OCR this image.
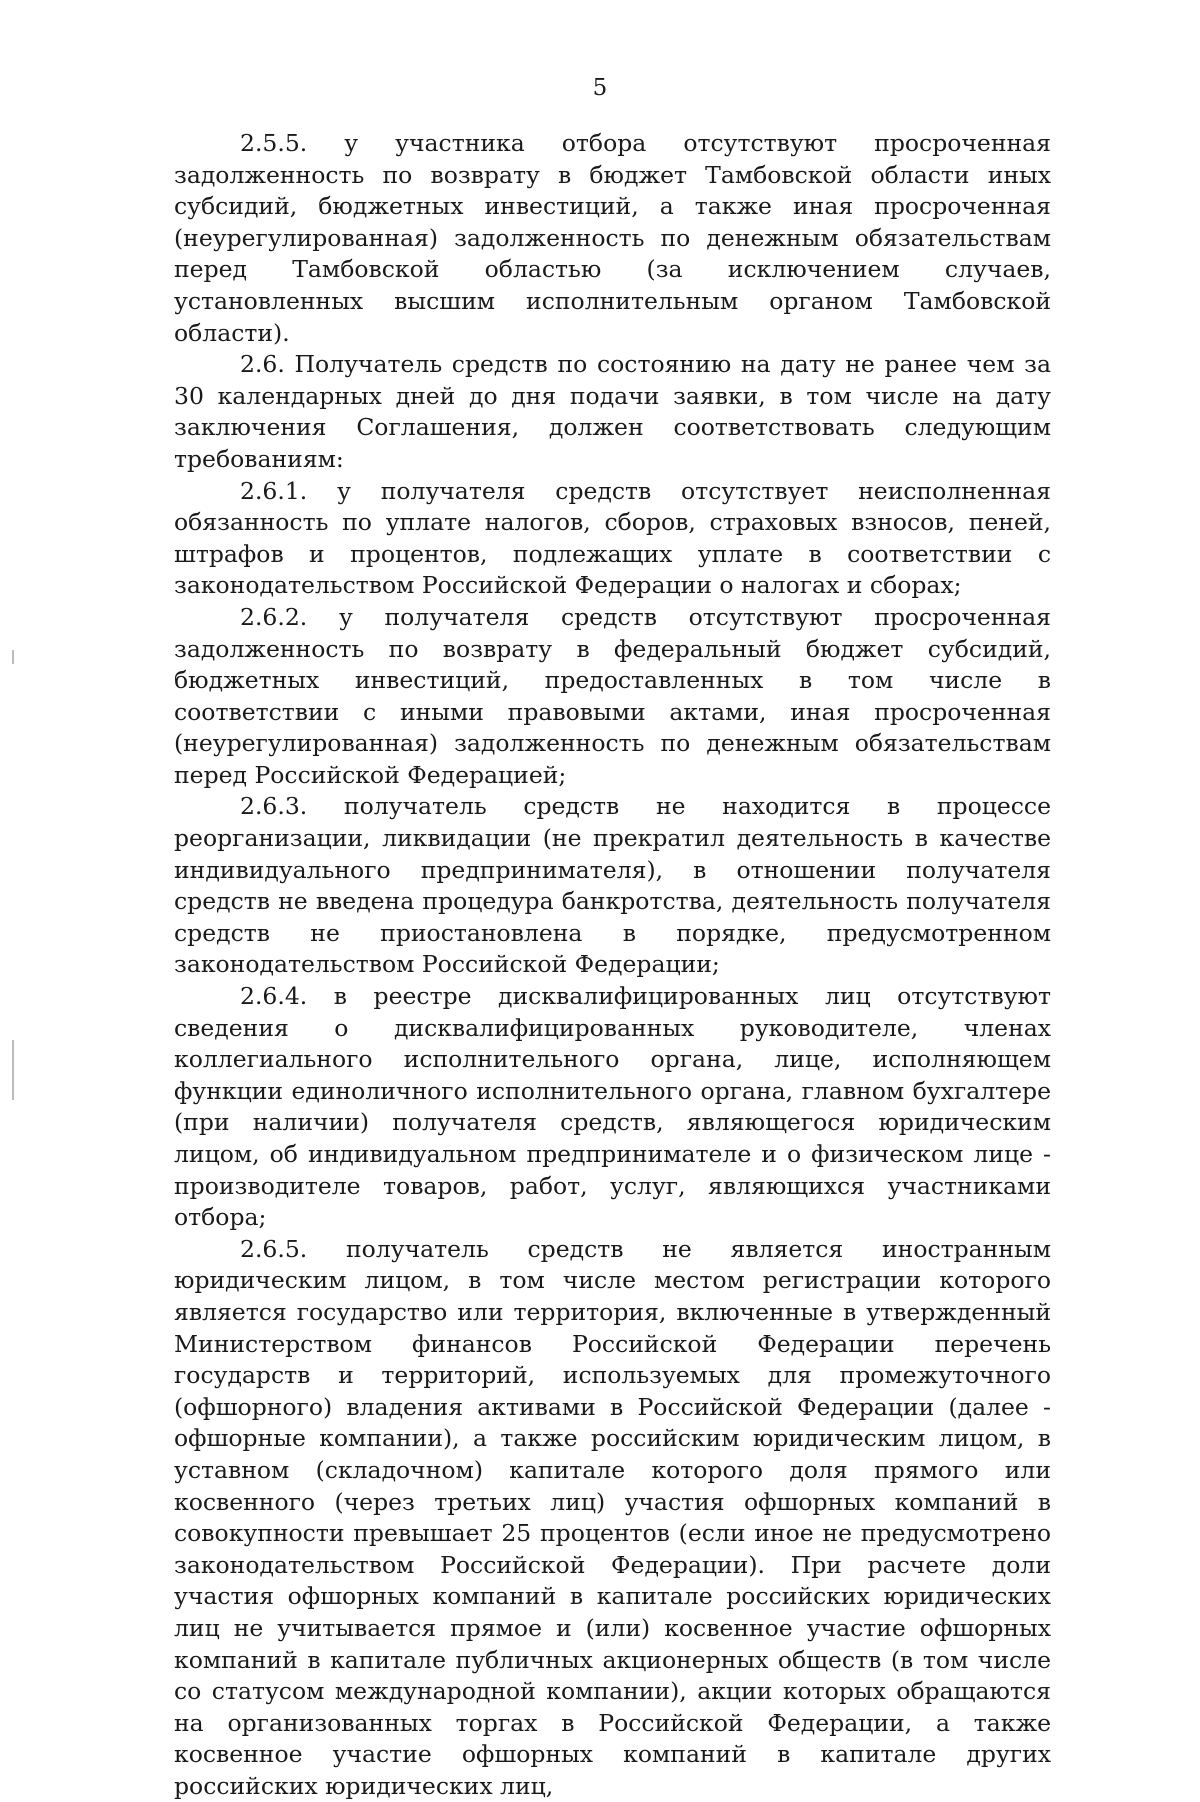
5

2.5.5. у участника отбора отсутствуют просроченная задолженность по возврату в бюджет Тамбовской области иных субсидий, бюджетных инвестиций, а также иная просроченная (неурегулированная) задолженность по денежным обязательствам перед Тамбовской областью (за исключением случаев, установленных высшим исполнительным органом Тамбовской области).

2.6. Получатель средств по состоянию на дату не ранее чем за 30 календарных дней до дня подачи заявки, в том числе на дату заключения Соглашения, должен соответствовать следующим требованиям:

2.6.1. у получателя средств отсутствует неисполненная обязанность по уплате налогов, сборов, страховых взносов, пеней, штрафов и процентов, подлежащих уплате в соответствии с законодательством Российской Федерации о налогах и сборах;

2.6.2. у получателя средств отсутствуют просроченная задолженность по возврату в федеральный бюджет субсидий, бюджетных инвестиций, предоставленных в том числе в соответствии с иными правовыми актами, иная просроченная (неурегулированная) задолженность по денежным обязательствам перед Российской Федерацией;

2.6.3. получатель средств не находится в процессе реорганизации, ликвидации (не прекратил деятельность в качестве индивидуального предпринимателя), в отношении получателя средств не введена процедура банкротства, деятельность получателя средств не приостановлена в порядке, предусмотренном законодательством Российской Федерации;

2.6.4. в реестре дисквалифицированных лиц отсутствуют сведения о дисквалифицированных руководителе, членах коллегиального исполнительного органа, лице, исполняющем функции единоличного исполнительного органа, главном бухгалтере (при наличии) получателя средств, являющегося юридическим лицом, об индивидуальном предпринимателе и о физическом лице - производителе товаров, работ, услуг, являющихся участниками отбора;

2.6.5. получатель средств не является иностранным юридическим лицом, в том числе местом регистрации которого является государство или территория, включенные в утвержденный Министерством финансов Российской Федерации перечень государств и территорий, используемых для промежуточного (офшорного) владения активами в Российской Федерации (далее - офшорные компании), а также российским юридическим лицом, в уставном (складочном) капитале которого доля прямого или косвенного (через третьих лиц) участия офшорных компаний в совокупности превышает 25 процентов (если иное не предусмотрено законодательством Российской Федерации). При расчете доли участия офшорных компаний в капитале российских юридических лиц не учитывается прямое и (или) косвенное участие офшорных компаний в капитале публичных акционерных обществ (в том числе со статусом международной компании), акции которых обращаются на организованных торгах в Российской Федерации, а также косвенное участие офшорных компаний в капитале других российских юридических лиц,
